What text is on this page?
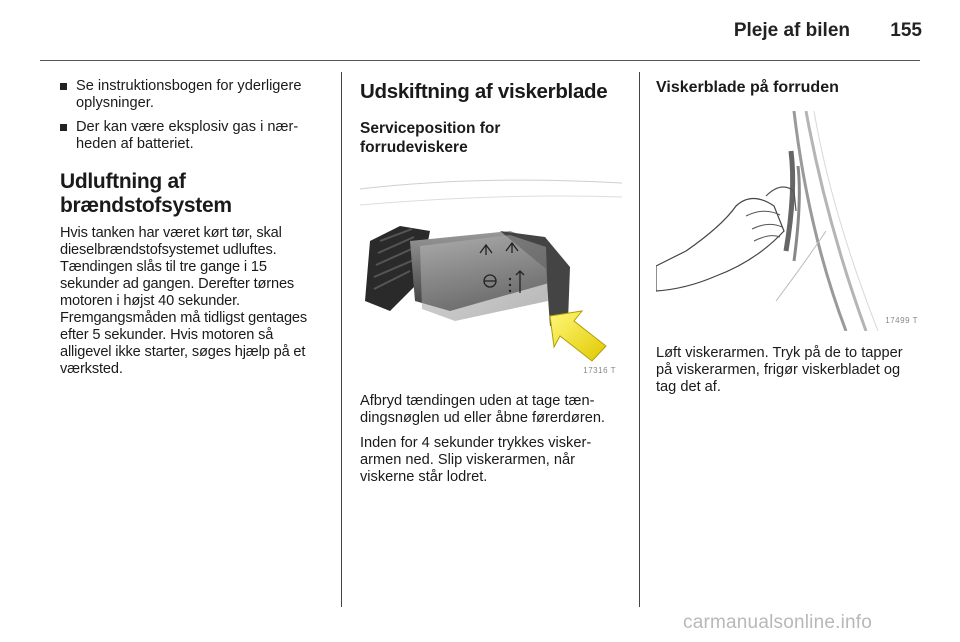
Pleje af bilen	155
Se instruktionsbogen for yderligere oplysninger.
Der kan være eksplosiv gas i nærheden af batteriet.
Udluftning af brændstofsystem
Hvis tanken har været kørt tør, skal dieselbrændstofsystemet udluftes. Tændingen slås til tre gange i 15 sekunder ad gangen. Derefter tørnes motoren i højst 40 sekunder. Fremgangsmåden må tidligst gentages efter 5 sekunder. Hvis motoren så alligevel ikke starter, søges hjælp på et værksted.
Udskiftning af viskerblade
Serviceposition for forrudeviskere
17316 T
Afbryd tændingen uden at tage tændingsnøglen ud eller åbne førerdøren.
Inden for 4 sekunder trykkes viskerarmen ned. Slip viskerarmen, når viskerne står lodret.
Viskerblade på forruden
17499 T
Løft viskerarmen. Tryk på de to tapper på viskerarmen, frigør viskerbladet og tag det af.
carmanualsonline.info
